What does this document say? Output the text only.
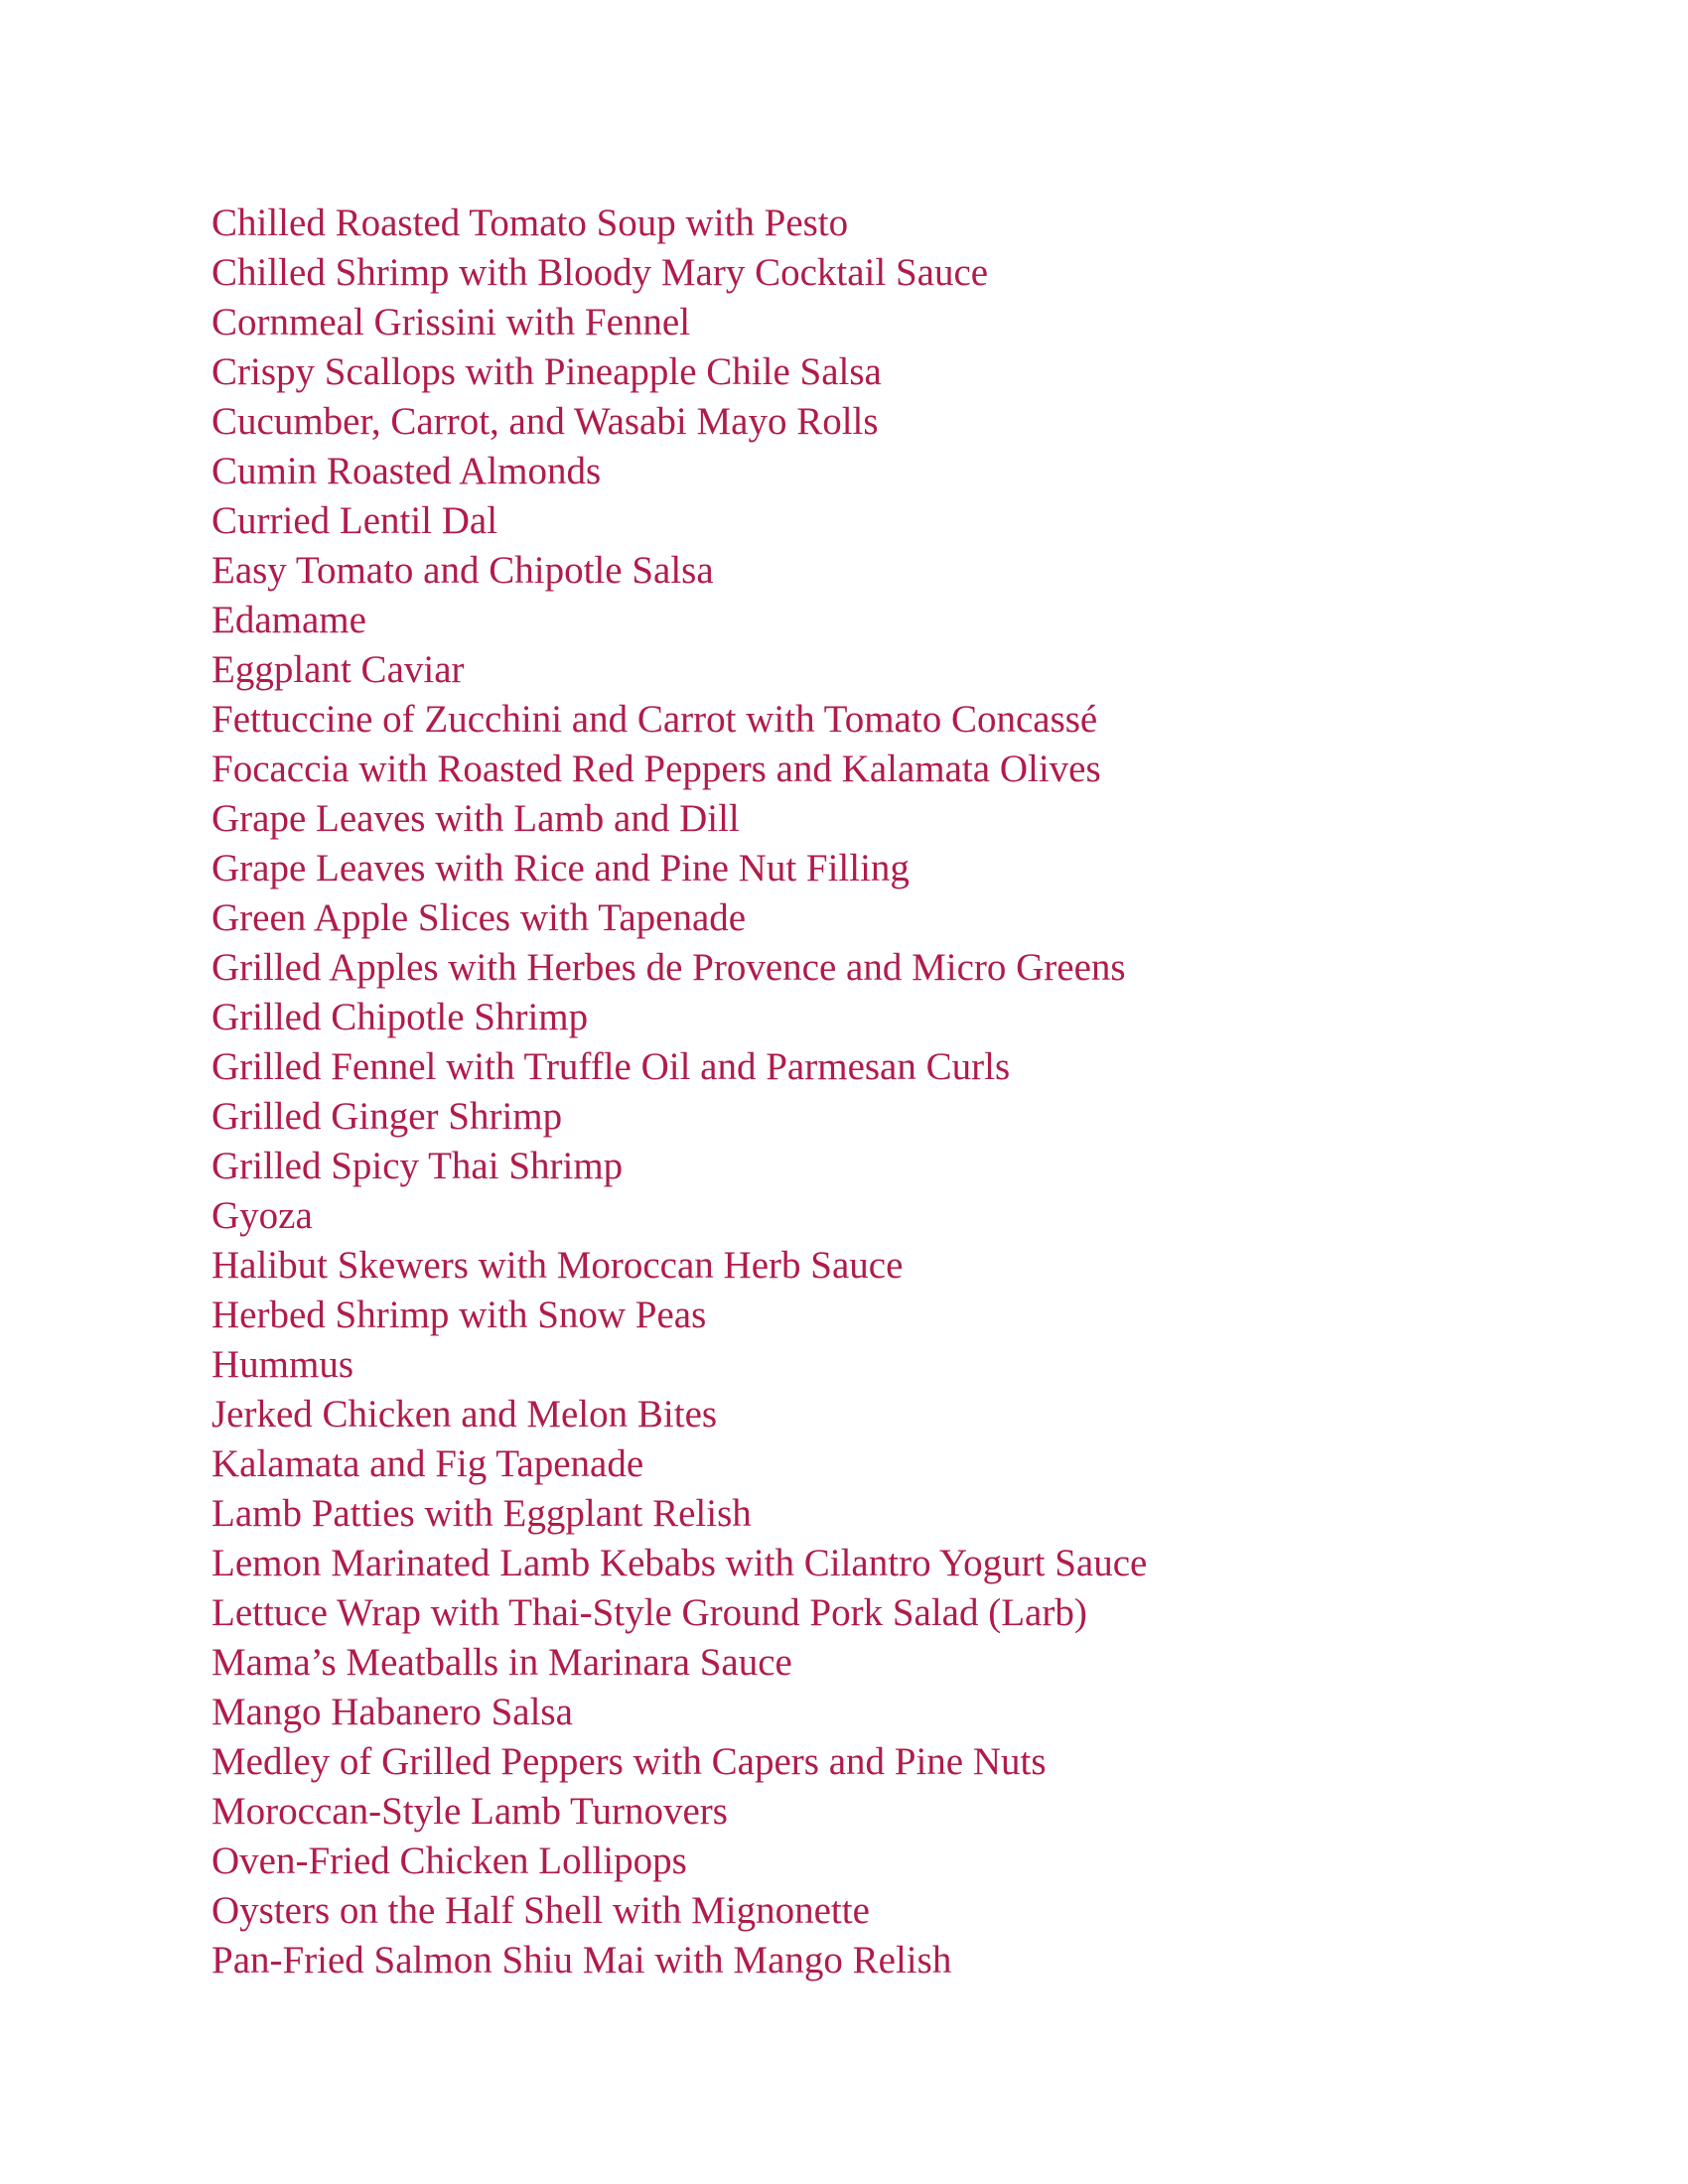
Chilled Roasted Tomato Soup with Pesto
Chilled Shrimp with Bloody Mary Cocktail Sauce
Cornmeal Grissini with Fennel
Crispy Scallops with Pineapple Chile Salsa
Cucumber, Carrot, and Wasabi Mayo Rolls
Cumin Roasted Almonds
Curried Lentil Dal
Easy Tomato and Chipotle Salsa
Edamame
Eggplant Caviar
Fettuccine of Zucchini and Carrot with Tomato Concassé
Focaccia with Roasted Red Peppers and Kalamata Olives
Grape Leaves with Lamb and Dill
Grape Leaves with Rice and Pine Nut Filling
Green Apple Slices with Tapenade
Grilled Apples with Herbes de Provence and Micro Greens
Grilled Chipotle Shrimp
Grilled Fennel with Truffle Oil and Parmesan Curls
Grilled Ginger Shrimp
Grilled Spicy Thai Shrimp
Gyoza
Halibut Skewers with Moroccan Herb Sauce
Herbed Shrimp with Snow Peas
Hummus
Jerked Chicken and Melon Bites
Kalamata and Fig Tapenade
Lamb Patties with Eggplant Relish
Lemon Marinated Lamb Kebabs with Cilantro Yogurt Sauce
Lettuce Wrap with Thai-Style Ground Pork Salad (Larb)
Mama’s Meatballs in Marinara Sauce
Mango Habanero Salsa
Medley of Grilled Peppers with Capers and Pine Nuts
Moroccan-Style Lamb Turnovers
Oven-Fried Chicken Lollipops
Oysters on the Half Shell with Mignonette
Pan-Fried Salmon Shiu Mai with Mango Relish
